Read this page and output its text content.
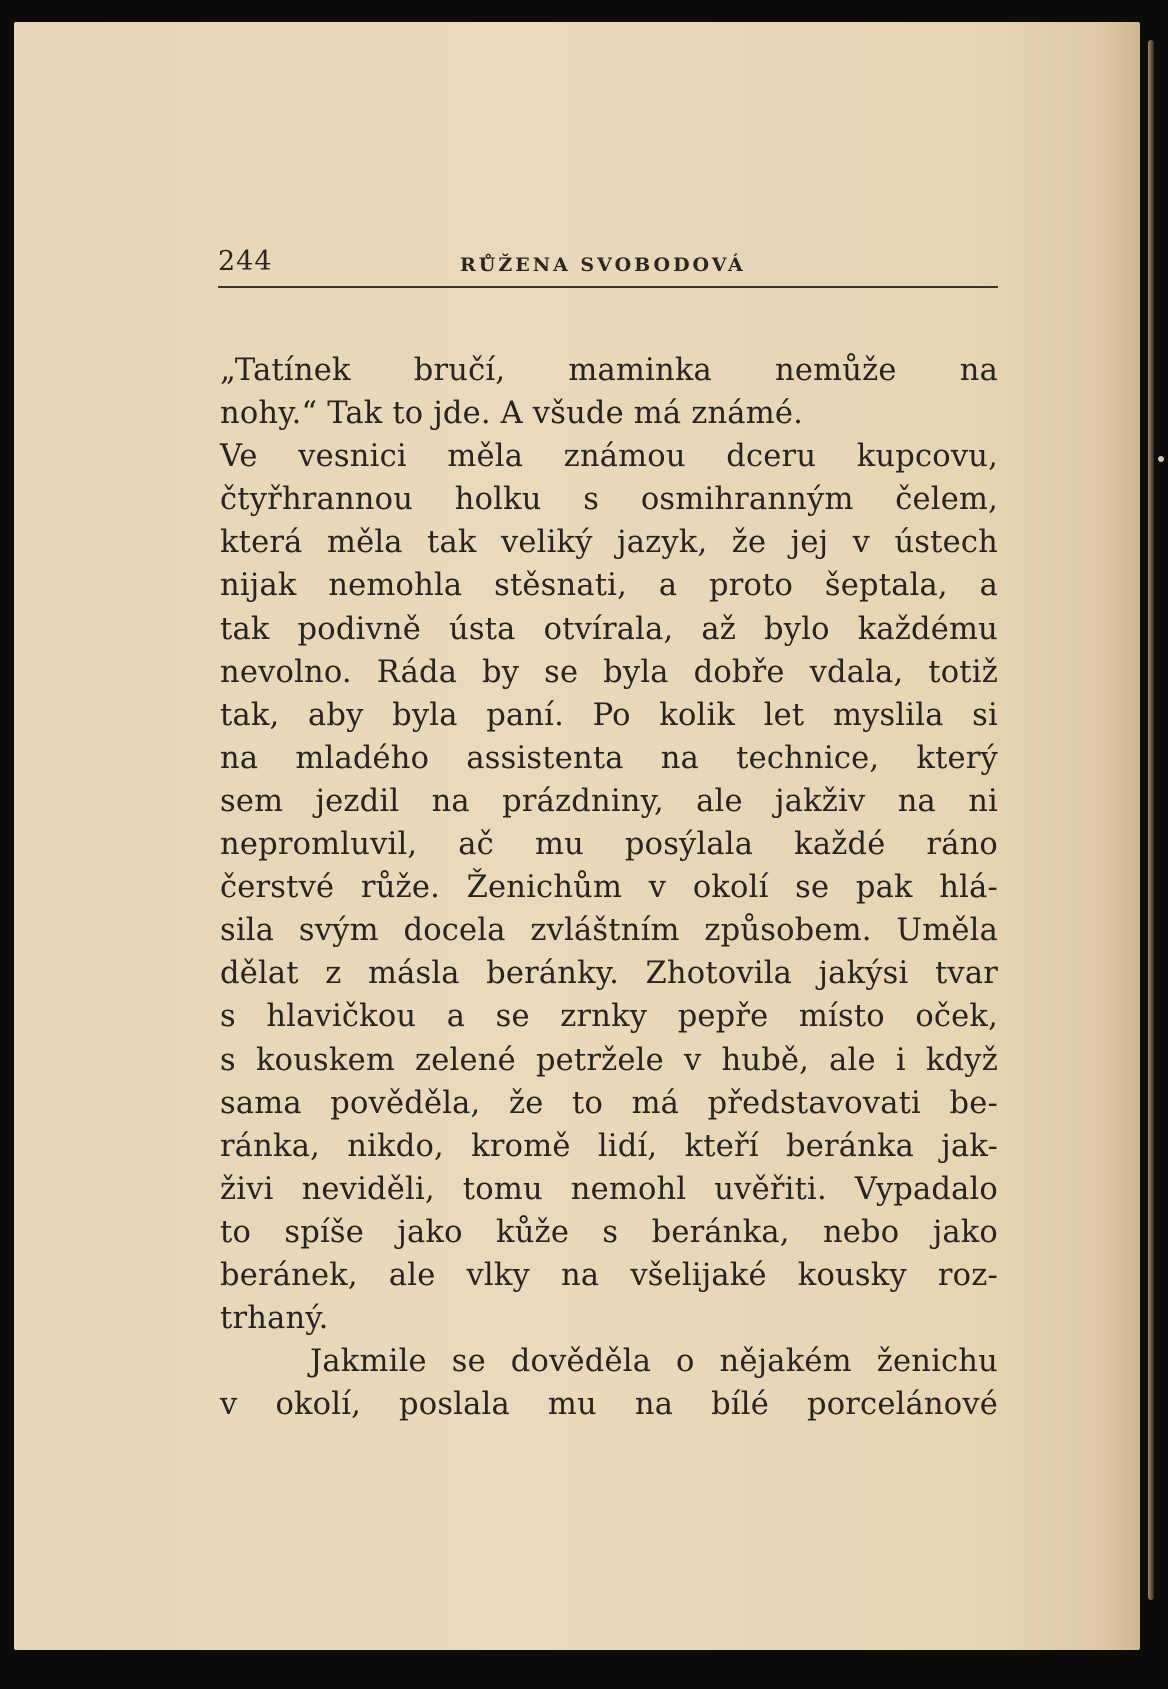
244	RŮŽENA SVOBODOVÁ
„Tatínek bručí, maminka nemůže na
nohy.“ Tak to jde. A všude má známé.
Ve vesnici měla známou dceru kupcovu,
čtyřhrannou holku s osmihranným čelem,
která měla tak veliký jazyk, že jej v ústech
nijak nemohla stěsnati, a proto šeptala, a
tak podivně ústa otvírala, až bylo každému
nevolno. Ráda by se byla dobře vdala, totiž
tak, aby byla paní. Po kolik let myslila si
na mladého assistenta na technice, který
sem jezdil na prázdniny, ale jakživ na ni
nepromluvil, ač mu posýlala každé ráno
čerstvé růže. Ženichům v okolí se pak hlá-
sila svým docela zvláštním způsobem. Uměla
dělat z másla beránky. Zhotovila jakýsi tvar
s hlavičkou a se zrnky pepře místo oček,
s kouskem zelené petržele v hubě, ale i když
sama pověděla, že to má představovati be-
ránka, nikdo, kromě lidí, kteří beránka jak-
živi neviděli, tomu nemohl uvěřiti. Vypadalo
to spíše jako kůže s beránka, nebo jako
beránek, ale vlky na všelijaké kousky roz-
trhaný.
Jakmile se dověděla o nějakém ženichu
v okolí, poslala mu na bílé porcelánové
